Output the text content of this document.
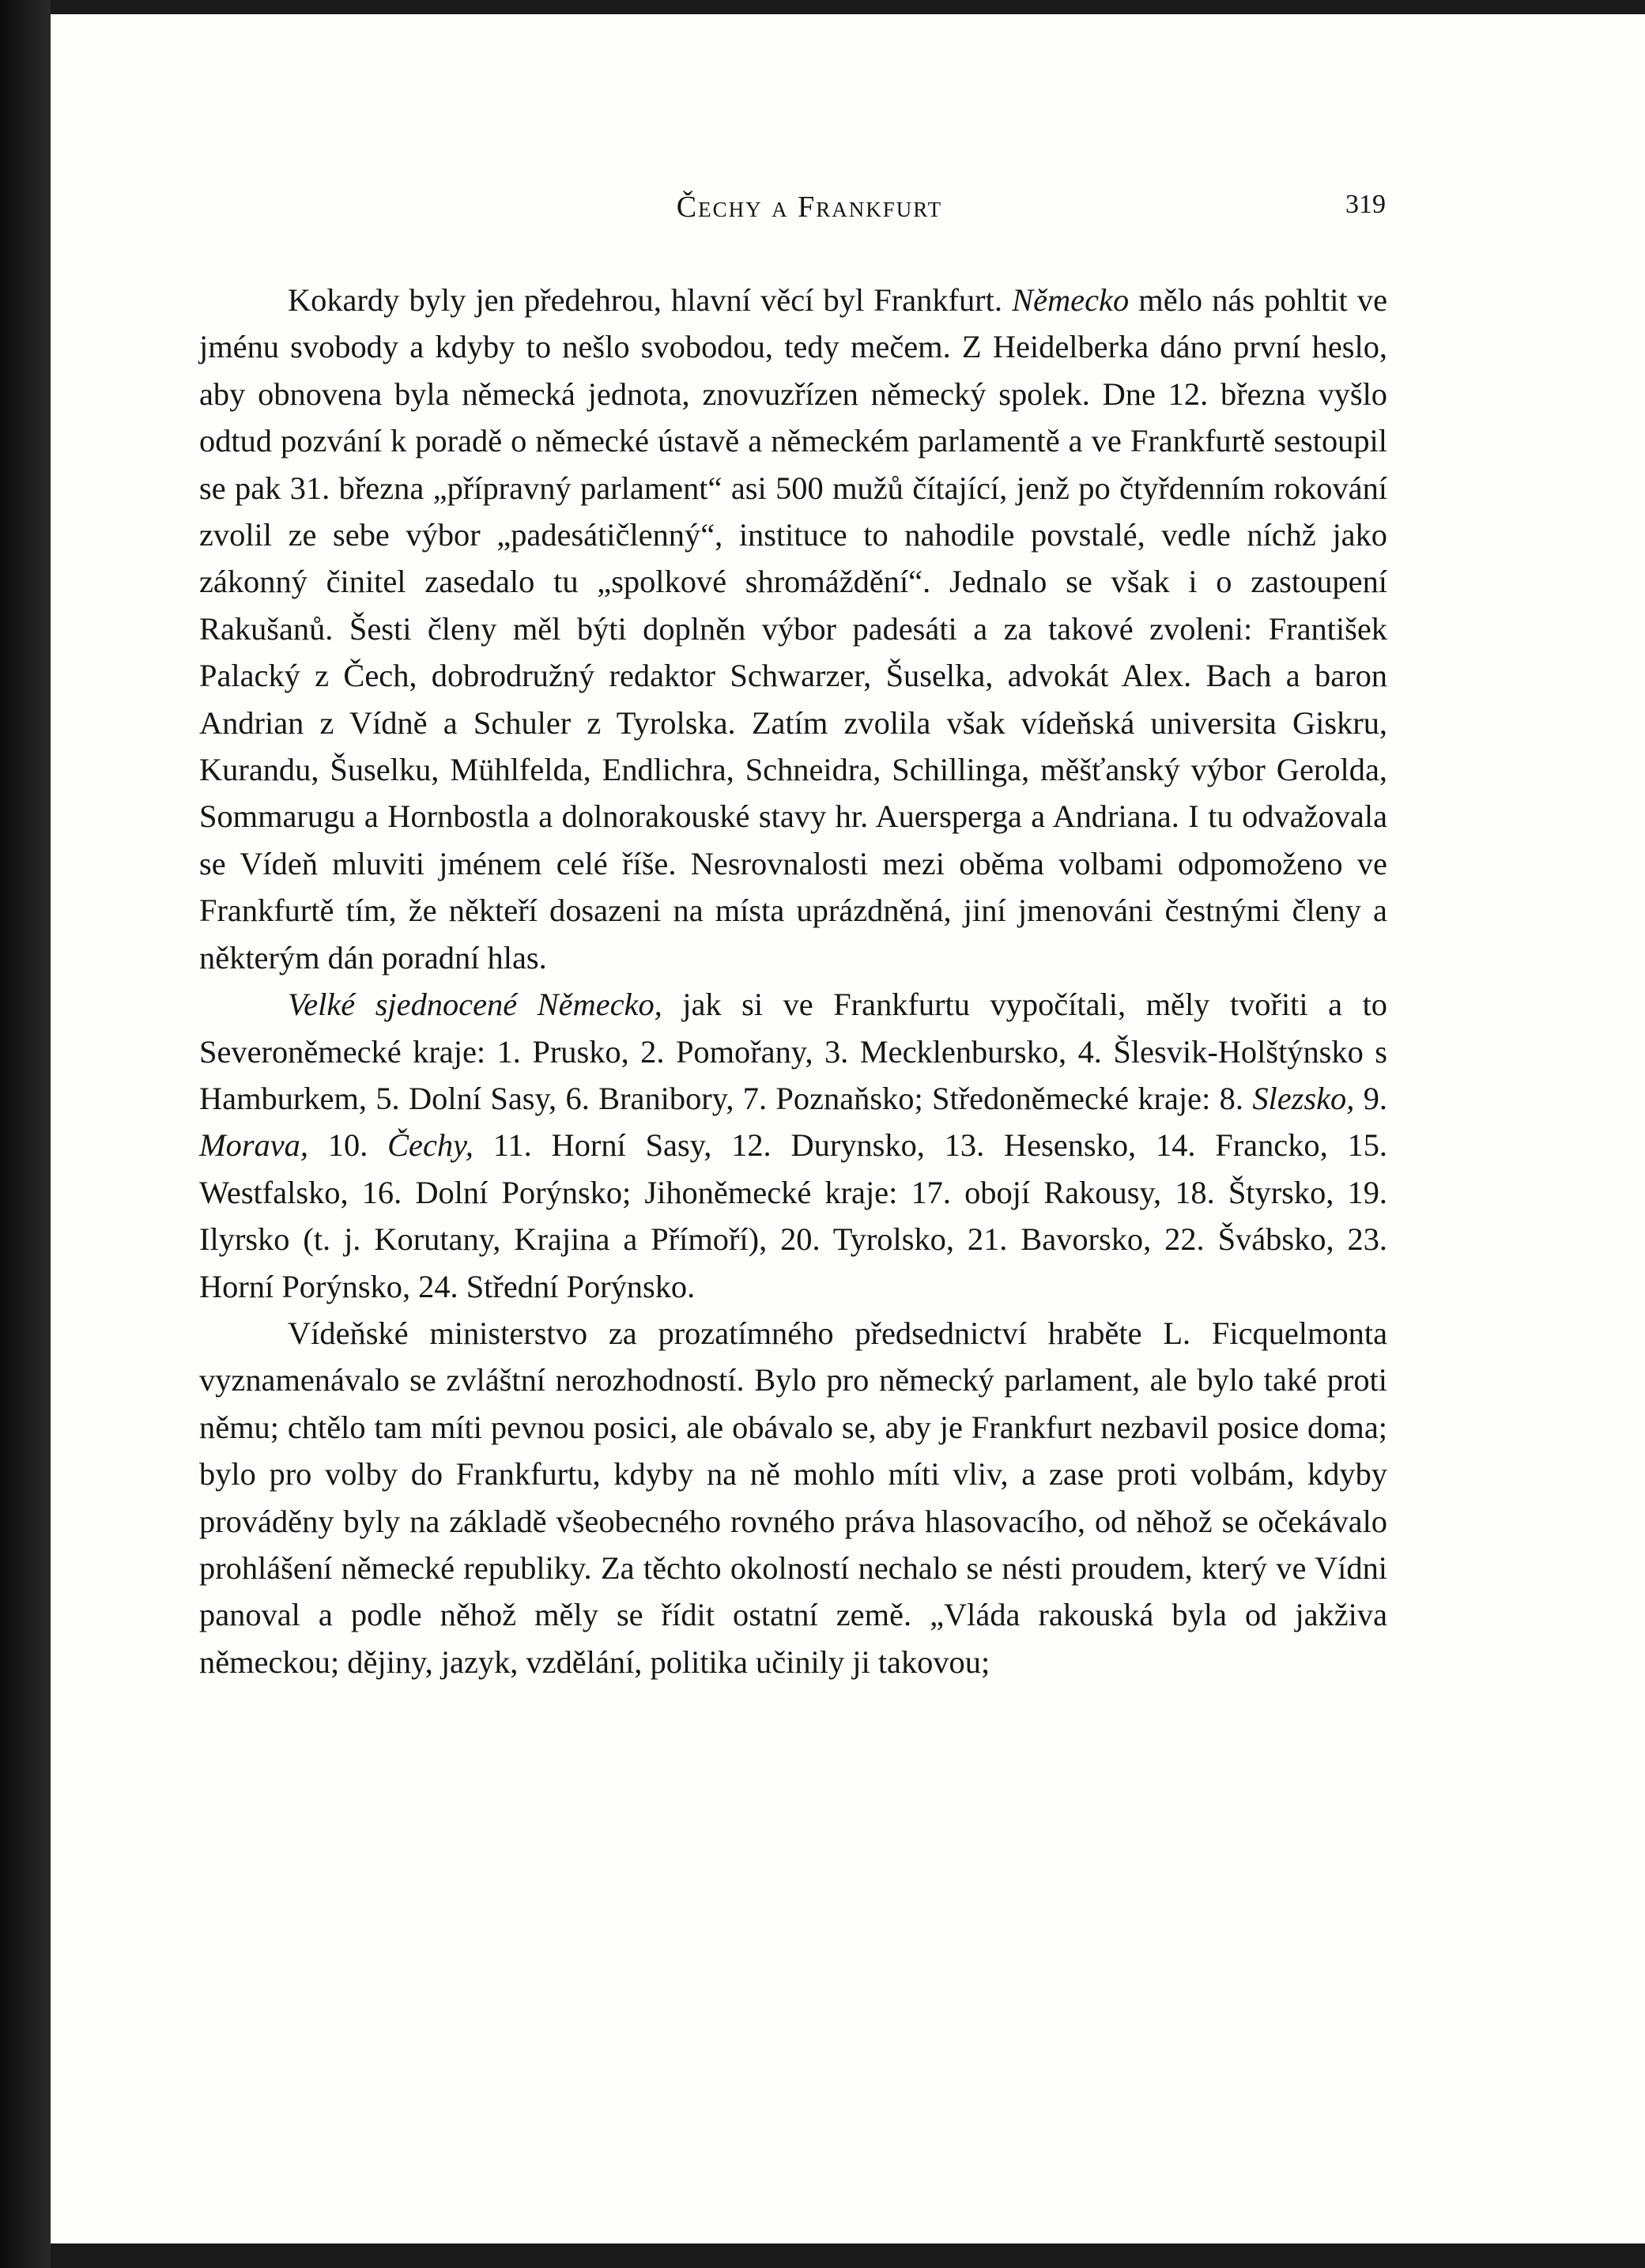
Čechy a Frankfurt	319

Kokardy byly jen předehrou, hlavní věcí byl Frankfurt. Německo mělo nás pohltit ve jménu svobody a kdyby to nešlo svobodou, tedy mečem. Z Heidelberka dáno první heslo, aby obnovena byla německá jednota, znovuzřízen německý spolek. Dne 12. března vyšlo odtud pozvání k poradě o německé ústavě a německém parlamentě a ve Frankfurtě sestoupil se pak 31. března „přípravný parlament“ asi 500 mužů čítající, jenž po čtyřdenním rokování zvolil ze sebe výbor „padesátičlenný“, instituce to nahodile povstalé, vedle níchž jako zákonný činitel zasedalo tu „spolkové shromáždění“. Jednalo se však i o zastoupení Rakušanů. Šesti členy měl býti doplněn výbor padesáti a za takové zvoleni: František Palacký z Čech, dobrodružný redaktor Schwarzer, Šuselka, advokát Alex. Bach a baron Andrian z Vídně a Schuler z Tyrolska. Zatím zvolila však vídeňská universita Giskru, Kurandu, Šuselku, Mühlfelda, Endlichra, Schneidra, Schillinga, měšťanský výbor Gerolda, Sommarugu a Hornbostla a dolnorakouské stavy hr. Auersperga a Andriana. I tu odvažovala se Vídeň mluviti jménem celé říše. Nesrovnalosti mezi oběma volbami odpomoženo ve Frankfurtě tím, že někteří dosazeni na místa uprázdněná, jiní jmenováni čestnými členy a některým dán poradní hlas.

Velké sjednocené Německo, jak si ve Frankfurtu vypočítali, měly tvořiti a to Severoněmecké kraje: 1. Prusko, 2. Pomořany, 3. Mecklenbursko, 4. Šlesvik-Holštýnsko s Hamburkem, 5. Dolní Sasy, 6. Branibory, 7. Poznaňsko; Středoněmecké kraje: 8. Slezsko, 9. Morava, 10. Čechy, 11. Horní Sasy, 12. Durynsko, 13. Hesensko, 14. Francko, 15. Westfalsko, 16. Dolní Porýnsko; Jihoněmecké kraje: 17. obojí Rakousy, 18. Štyrsko, 19. Ilyrsko (t. j. Korutany, Krajina a Přímoří), 20. Tyrolsko, 21. Bavorsko, 22. Švábsko, 23. Horní Porýnsko, 24. Střední Porýnsko.

Vídeňské ministerstvo za prozatímného předsednictví hraběte L. Ficquelmonta vyznamenávalo se zvláštní nerozhodností. Bylo pro německý parlament, ale bylo také proti němu; chtělo tam míti pevnou posici, ale obávalo se, aby je Frankfurt nezbavil posice doma; bylo pro volby do Frankfurtu, kdyby na ně mohlo míti vliv, a zase proti volbám, kdyby prováděny byly na základě všeobecného rovného práva hlasovacího, od něhož se očekávalo prohlášení německé republiky. Za těchto okolností nechalo se nésti proudem, který ve Vídni panoval a podle něhož měly se řídit ostatní země. „Vláda rakouská byla od jakživa německou; dějiny, jazyk, vzdělání, politika učinily ji takovou;
